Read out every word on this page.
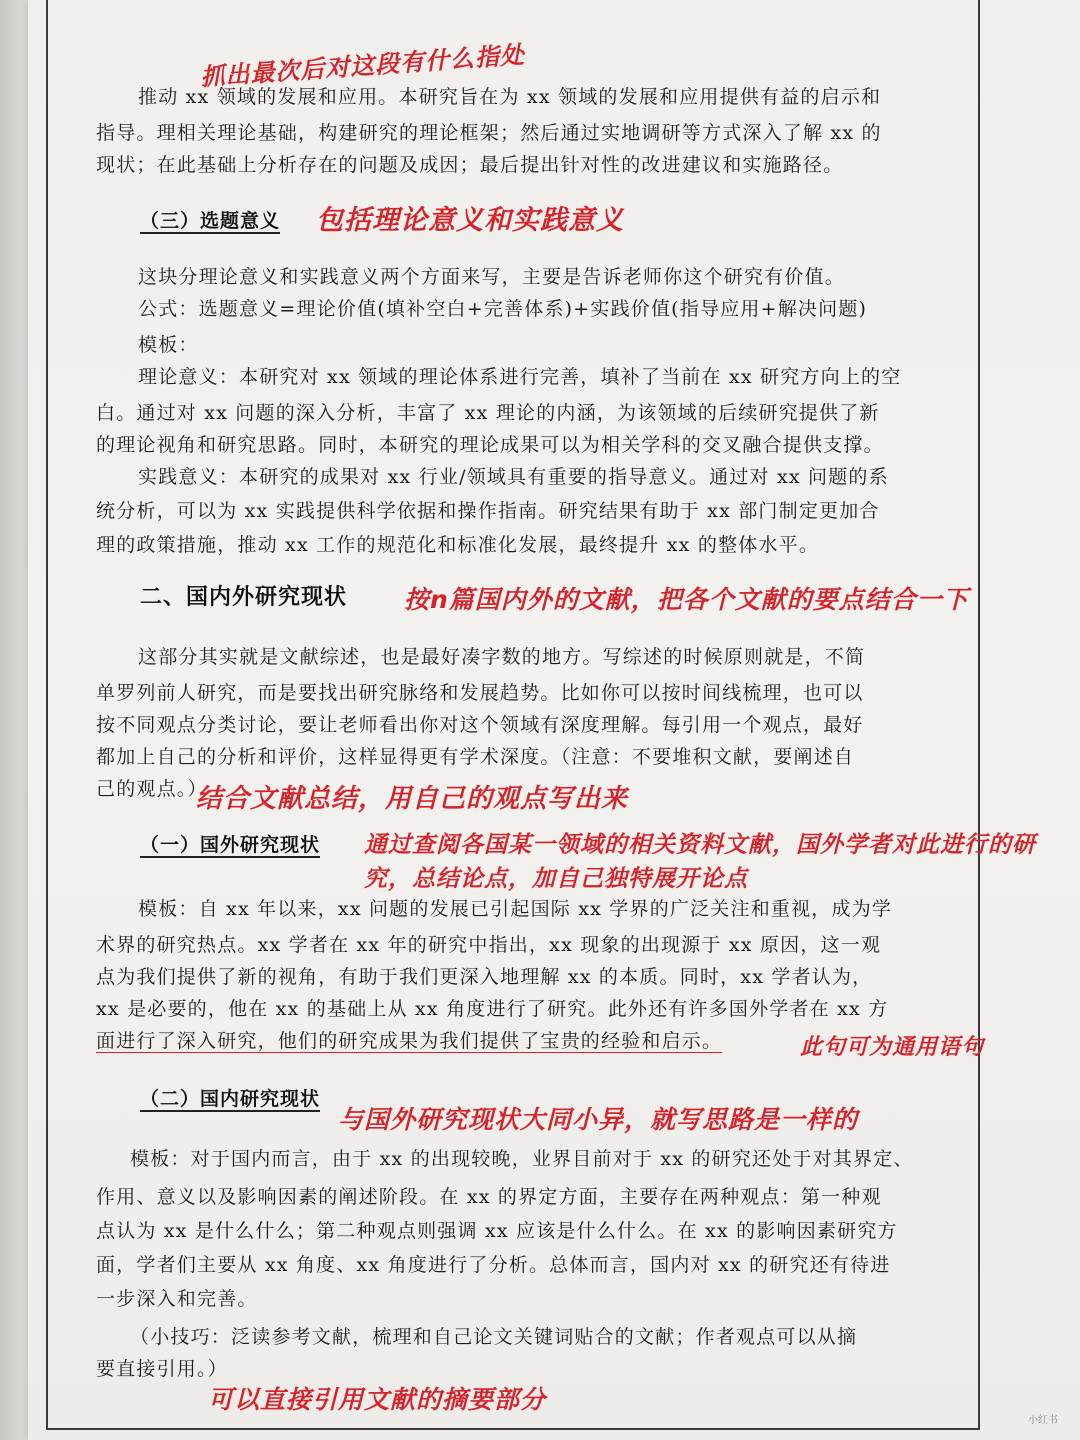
抓出最次后对这段有什么指处
推动 xx 领域的发展和应用。本研究旨在为 xx 领域的发展和应用提供有益的启示和
指导。理相关理论基础，构建研究的理论框架；然后通过实地调研等方式深入了解 xx 的
现状；在此基础上分析存在的问题及成因；最后提出针对性的改进建议和实施路径。
（三）选题意义 包括理论意义和实践意义
这块分理论意义和实践意义两个方面来写，主要是告诉老师你这个研究有价值。
公式：选题意义=理论价值(填补空白+完善体系)+实践价值(指导应用+解决问题)
模板：
理论意义：本研究对 xx 领域的理论体系进行完善，填补了当前在 xx 研究方向上的空
白。通过对 xx 问题的深入分析，丰富了 xx 理论的内涵，为该领域的后续研究提供了新
的理论视角和研究思路。同时，本研究的理论成果可以为相关学科的交叉融合提供支撑。
实践意义：本研究的成果对 xx 行业/领域具有重要的指导意义。通过对 xx 问题的系
统分析，可以为 xx 实践提供科学依据和操作指南。研究结果有助于 xx 部门制定更加合
理的政策措施，推动 xx 工作的规范化和标准化发展，最终提升 xx 的整体水平。
二、国内外研究现状 按n篇国内外的文献，把各个文献的要点结合一下
这部分其实就是文献综述，也是最好凑字数的地方。写综述的时候原则就是，不简
单罗列前人研究，而是要找出研究脉络和发展趋势。比如你可以按时间线梳理，也可以
按不同观点分类讨论，要让老师看出你对这个领域有深度理解。每引用一个观点，最好
都加上自己的分析和评价，这样显得更有学术深度。（注意：不要堆积文献，要阐述自
己的观点。）
结合文献总结，用自己的观点写出来
（一）国外研究现状 通过查阅各国某一领域的相关资料文献，国外学者对此进行的研究，总结论点，加自己独特展开论点
模板：自 xx 年以来，xx 问题的发展已引起国际 xx 学界的广泛关注和重视，成为学
术界的研究热点。xx 学者在 xx 年的研究中指出，xx 现象的出现源于 xx 原因，这一观
点为我们提供了新的视角，有助于我们更深入地理解 xx 的本质。同时，xx 学者认为，
xx 是必要的，他在 xx 的基础上从 xx 角度进行了研究。此外还有许多国外学者在 xx 方
面进行了深入研究，他们的研究成果为我们提供了宝贵的经验和启示。	此句可为通用语句
（二）国内研究现状
与国外研究现状大同小异，就写思路是一样的
模板：对于国内而言，由于 xx 的出现较晚，业界目前对于 xx 的研究还处于对其界定、
作用、意义以及影响因素的阐述阶段。在 xx 的界定方面，主要存在两种观点：第一种观
点认为 xx 是什么什么；第二种观点则强调 xx 应该是什么什么。在 xx 的影响因素研究方
面，学者们主要从 xx 角度、xx 角度进行了分析。总体而言，国内对 xx 的研究还有待进
一步深入和完善。
（小技巧：泛读参考文献，梳理和自己论文关键词贴合的文献；作者观点可以从摘
要直接引用。）
可以直接引用文献的摘要部分
小红书
